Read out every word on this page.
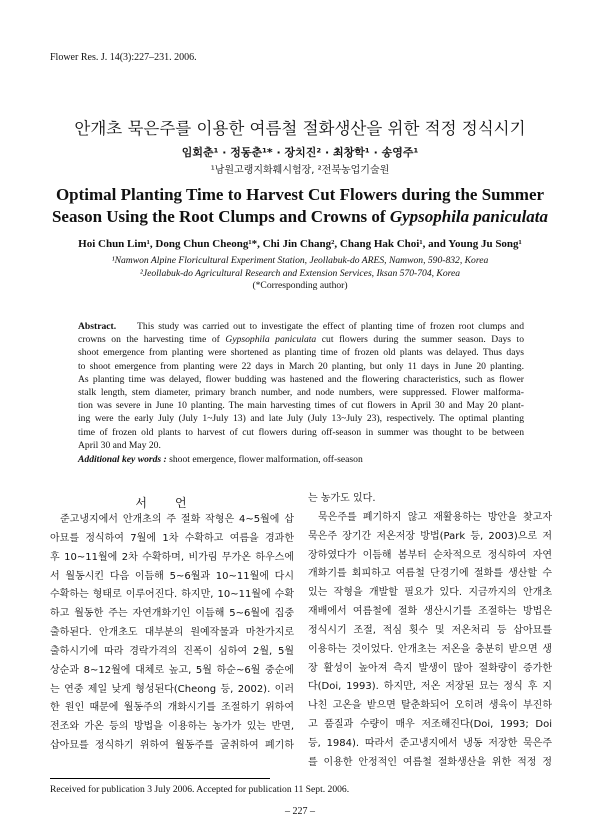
Flower Res. J. 14(3):227–231. 2006.
안개초 묵은주를 이용한 여름철 절화생산을 위한 적정 정식시기
임회춘¹ · 정동춘¹* · 장치진² · 최창학¹ · 송영주¹
¹남원고랭지화훼시험장, ²전북농업기술원
Optimal Planting Time to Harvest Cut Flowers during the Summer
Season Using the Root Clumps and Crowns of Gypsophila paniculata
Hoi Chun Lim¹, Dong Chun Cheong¹*, Chi Jin Chang², Chang Hak Choi¹, and Young Ju Song¹
¹Namwon Alpine Floricultural Experiment Station, Jeollabuk-do ARES, Namwon, 590-832, Korea
²Jeollabuk-do Agricultural Research and Extension Services, Iksan 570-704, Korea
(*Corresponding author)
Abstract. This study was carried out to investigate the effect of planting time of frozen root clumps and
crowns on the harvesting time of Gypsophila paniculata cut flowers during the summer season. Days to
shoot emergence from planting were shortened as planting time of frozen old plants was delayed. Thus days
to shoot emergence from planting were 22 days in March 20 planting, but only 11 days in June 20 planting.
As planting time was delayed, flower budding was hastened and the flowering characteristics, such as flower
stalk length, stem diameter, primary branch number, and node numbers, were suppressed. Flower malforma-
tion was severe in June 10 planting. The main harvesting times of cut flowers in April 30 and May 20 plant-
ing were the early July (July 1~July 13) and late July (July 13~July 23), respectively. The optimal planting
time of frozen old plants to harvest of cut flowers during off-season in summer was thought to be between
April 30 and May 20.
Additional key words : shoot emergence, flower malformation, off-season
서언
준고냉지에서 안개초의 주 절화 작형은 4~5월에 삽
아묘를 정식하여 7월에 1차 수확하고 여름을 경과한
후 10~11월에 2차 수확하며, 비가림 무가온 하우스에
서 월동시킨 다음 이듬해 5~6월과 10~11월에 다시
수확하는 형태로 이루어진다. 하지만, 10~11월에 수확
하고 월동한 주는 자연개화기인 이듬해 5~6월에 집중
출하된다. 안개초도 대부분의 원예작물과 마찬가지로
출하시기에 따라 경락가격의 진폭이 심하여 2월, 5월
상순과 8~12월에 대체로 높고, 5월 하순~6월 중순에
는 연중 제일 낮게 형성된다(Cheong 등, 2002). 이러
한 원인 때문에 월동주의 개화시기를 조절하기 위하여
전조와 가온 등의 방법을 이용하는 농가가 있는 반면,
삽아묘를 정식하기 위하여 월동주를 굴취하여 폐기하
는 농가도 있다.
묵은주를 폐기하지 않고 재활용하는 방안을 찾고자
묵은주 장기간 저온저장 방법(Park 등, 2003)으로 저
장하였다가 이듬해 봄부터 순차적으로 정식하여 자연
개화기를 회피하고 여름철 단경기에 절화를 생산할 수
있는 작형을 개발할 필요가 있다. 지금까지의 안개초
재배에서 여름철에 절화 생산시기를 조절하는 방법은
정식시기 조절, 적심 횟수 및 저온처리 등 삽아묘를
이용하는 것이었다. 안개초는 저온을 충분히 받으면 생
장 활성이 높아져 측지 발생이 많아 절화량이 증가한
다(Doi, 1993). 하지만, 저온 저장된 묘는 정식 후 지
나친 고온을 받으면 탈춘화되어 오히려 생육이 부진하
고 품질과 수량이 매우 저조해진다(Doi, 1993; Doi
등, 1984). 따라서 준고냉지에서 냉동 저장한 묵은주
를 이용한 안정적인 여름철 절화생산을 위한 적정 정
Received for publication 3 July 2006. Accepted for publication 11 Sept. 2006.
– 227 –
